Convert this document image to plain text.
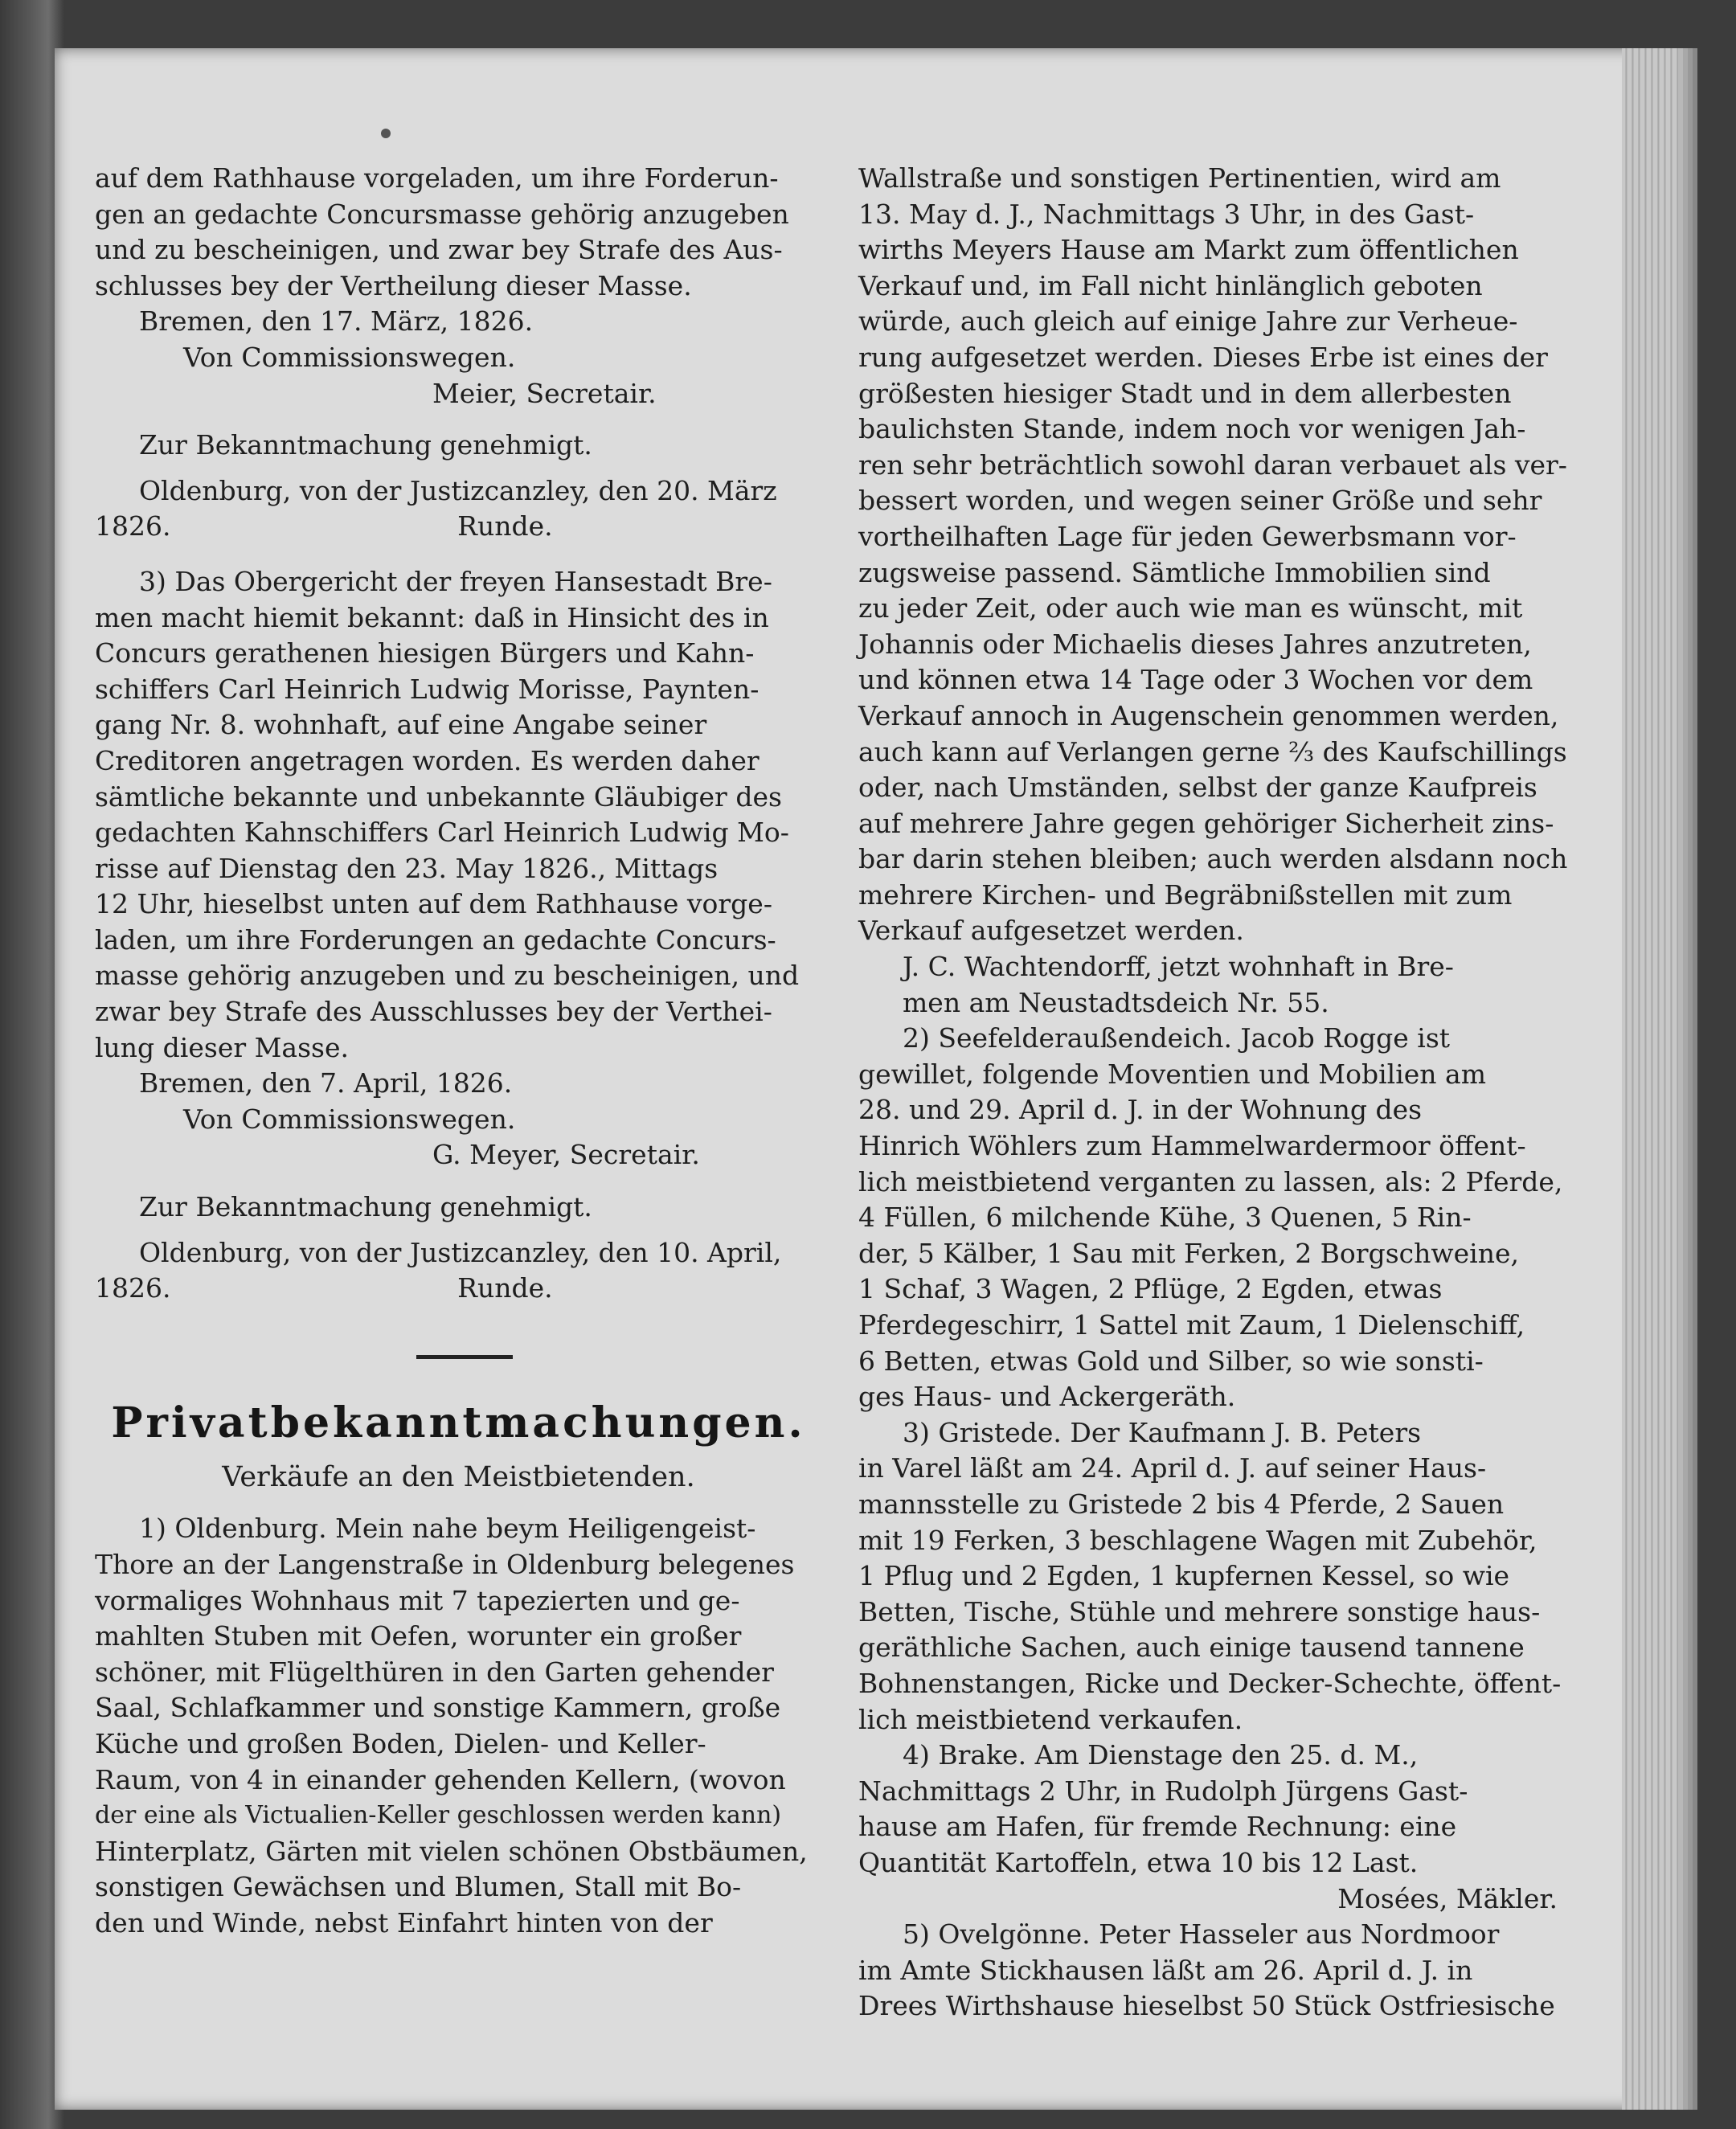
auf dem Rathhause vorgeladen, um ihre Forderun-
gen an gedachte Concursmasse gehörig anzugeben
und zu bescheinigen, und zwar bey Strafe des Aus-
schlusses bey der Vertheilung dieser Masse.

Bremen, den 17. März, 1826.
Von Commissionswegen.
Meier, Secretair.
Zur Bekanntmachung genehmigt.
Oldenburg, von der Justizcanzley, den 20. März
1826.                                  Runde.

3) Das Obergericht der freyen Hansestadt Bre-
men macht hiemit bekannt: daß in Hinsicht des in
Concurs gerathenen hiesigen Bürgers und Kahn-
schiffers Carl Heinrich Ludwig Morisse, Paynten-
gang Nr. 8. wohnhaft, auf eine Angabe seiner
Creditoren angetragen worden. Es werden daher
sämtliche bekannte und unbekannte Gläubiger des
gedachten Kahnschiffers Carl Heinrich Ludwig Mo-
risse auf Dienstag den 23. May 1826., Mittags
12 Uhr, hieselbst unten auf dem Rathhause vorge-
laden, um ihre Forderungen an gedachte Concurs-
masse gehörig anzugeben und zu bescheinigen, und
zwar bey Strafe des Ausschlusses bey der Verthei-
lung dieser Masse.

Bremen, den 7. April, 1826.
Von Commissionswegen.
G. Meyer, Secretair.
Zur Bekanntmachung genehmigt.
Oldenburg, von der Justizcanzley, den 10. April,
1826.                                  Runde.
Privatbekanntmachungen.
Verkäufe an den Meistbietenden.

1) Oldenburg. Mein nahe beym Heiligengeist-
Thore an der Langenstraße in Oldenburg belegenes
vormaliges Wohnhaus mit 7 tapezierten und ge-
mahlten Stuben mit Oefen, worunter ein großer
schöner, mit Flügelthüren in den Garten gehender
Saal, Schlafkammer und sonstige Kammern, große
Küche und großen Boden, Dielen- und Keller-
Raum, von 4 in einander gehenden Kellern, (wovon
der eine als Victualien-Keller geschlossen werden kann)
Hinterplatz, Gärten mit vielen schönen Obstbäumen,
sonstigen Gewächsen und Blumen, Stall mit Bo-
den und Winde, nebst Einfahrt hinten von der

Wallstraße und sonstigen Pertinentien, wird am
13. May d. J., Nachmittags 3 Uhr, in des Gast-
wirths Meyers Hause am Markt zum öffentlichen
Verkauf und, im Fall nicht hinlänglich geboten
würde, auch gleich auf einige Jahre zur Verheue-
rung aufgesetzet werden. Dieses Erbe ist eines der
größesten hiesiger Stadt und in dem allerbesten
baulichsten Stande, indem noch vor wenigen Jah-
ren sehr beträchtlich sowohl daran verbauet als ver-
bessert worden, und wegen seiner Größe und sehr
vortheilhaften Lage für jeden Gewerbsmann vor-
zugsweise passend. Sämtliche Immobilien sind
zu jeder Zeit, oder auch wie man es wünscht, mit
Johannis oder Michaelis dieses Jahres anzutreten,
und können etwa 14 Tage oder 3 Wochen vor dem
Verkauf annoch in Augenschein genommen werden,
auch kann auf Verlangen gerne ⅔ des Kaufschillings
oder, nach Umständen, selbst der ganze Kaufpreis
auf mehrere Jahre gegen gehöriger Sicherheit zins-
bar darin stehen bleiben; auch werden alsdann noch
mehrere Kirchen- und Begräbnißstellen mit zum
Verkauf aufgesetzet werden.

J. C. Wachtendorff, jetzt wohnhaft in Bre-
men am Neustadtsdeich Nr. 55.

2) Seefelderaußendeich. Jacob Rogge ist
gewillet, folgende Moventien und Mobilien am
28. und 29. April d. J. in der Wohnung des
Hinrich Wöhlers zum Hammelwardermoor öffent-
lich meistbietend verganten zu lassen, als: 2 Pferde,
4 Füllen, 6 milchende Kühe, 3 Quenen, 5 Rin-
der, 5 Kälber, 1 Sau mit Ferken, 2 Borgschweine,
1 Schaf, 3 Wagen, 2 Pflüge, 2 Egden, etwas
Pferdegeschirr, 1 Sattel mit Zaum, 1 Dielenschiff,
6 Betten, etwas Gold und Silber, so wie sonsti-
ges Haus- und Ackergeräth.

3) Gristede. Der Kaufmann J. B. Peters
in Varel läßt am 24. April d. J. auf seiner Haus-
mannsstelle zu Gristede 2 bis 4 Pferde, 2 Sauen
mit 19 Ferken, 3 beschlagene Wagen mit Zubehör,
1 Pflug und 2 Egden, 1 kupfernen Kessel, so wie
Betten, Tische, Stühle und mehrere sonstige haus-
geräthliche Sachen, auch einige tausend tannene
Bohnenstangen, Ricke und Decker-Schechte, öffent-
lich meistbietend verkaufen.

4) Brake. Am Dienstage den 25. d. M.,
Nachmittags 2 Uhr, in Rudolph Jürgens Gast-
hause am Hafen, für fremde Rechnung: eine
Quantität Kartoffeln, etwa 10 bis 12 Last.

Mosées, Mäkler.

5) Ovelgönne. Peter Hasseler aus Nordmoor
im Amte Stickhausen läßt am 26. April d. J. in
Drees Wirthshause hieselbst 50 Stück Ostfriesische
